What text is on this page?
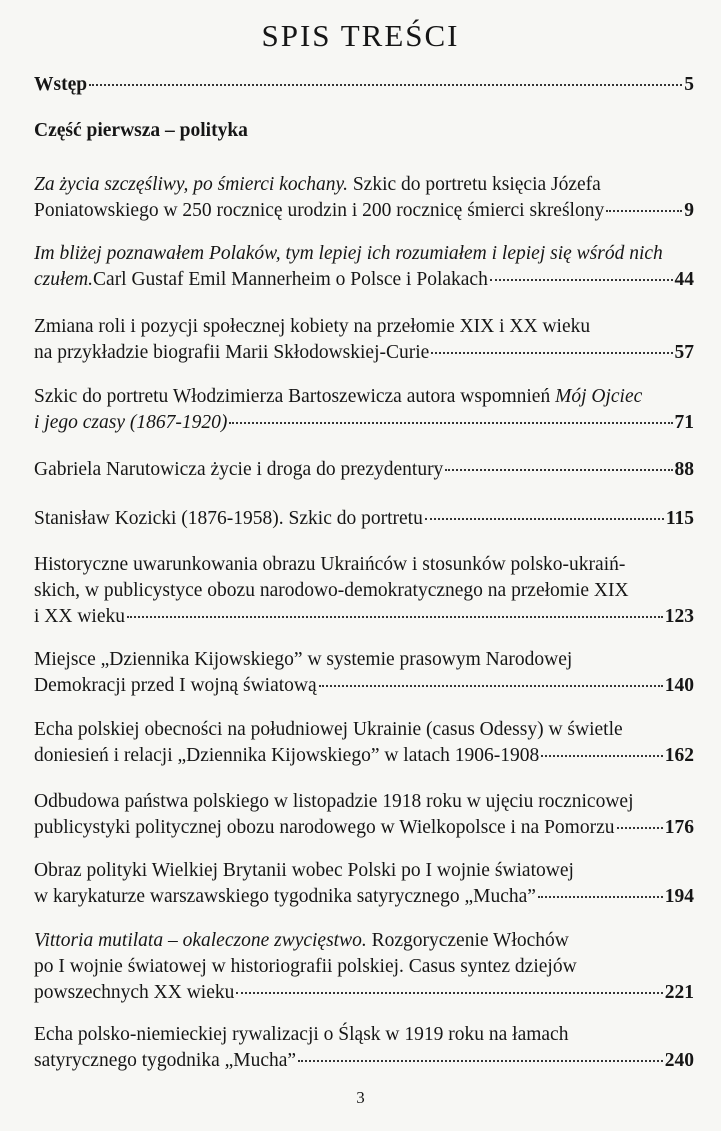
SPIS TREŚCI
Wstęp	5
Część pierwsza – polityka
Za życia szczęśliwy, po śmierci kochany. Szkic do portretu księcia Józefa
Poniatowskiego w 250 rocznicę urodzin i 200 rocznicę śmierci skreślony	9
Im bliżej poznawałem Polaków, tym lepiej ich rozumiałem i lepiej się wśród nich
czułem. Carl Gustaf Emil Mannerheim o Polsce i Polakach	44
Zmiana roli i pozycji społecznej kobiety na przełomie XIX i XX wieku
na przykładzie biografii Marii Skłodowskiej-Curie	57
Szkic do portretu Włodzimierza Bartoszewicza autora wspomnień Mój Ojciec
i jego czasy (1867-1920)	71
Gabriela Narutowicza życie i droga do prezydentury	88
Stanisław Kozicki (1876-1958). Szkic do portretu	115
Historyczne uwarunkowania obrazu Ukraińców i stosunków polsko-ukraiń-
skich, w publicystyce obozu narodowo-demokratycznego na przełomie XIX
i XX wieku	123
Miejsce „Dziennika Kijowskiego” w systemie prasowym Narodowej
Demokracji przed I wojną światową	140
Echa polskiej obecności na południowej Ukrainie (casus Odessy) w świetle
doniesień i relacji „Dziennika Kijowskiego” w latach 1906-1908	162
Odbudowa państwa polskiego w listopadzie 1918 roku w ujęciu rocznicowej
publicystyki politycznej obozu narodowego w Wielkopolsce i na Pomorzu	176
Obraz polityki Wielkiej Brytanii wobec Polski po I wojnie światowej
w karykaturze warszawskiego tygodnika satyrycznego „Mucha”	194
Vittoria mutilata – okaleczone zwycięstwo. Rozgoryczenie Włochów
po I wojnie światowej w historiografii polskiej. Casus syntez dziejów
powszechnych XX wieku	221
Echa polsko-niemieckiej rywalizacji o Śląsk w 1919 roku na łamach
satyrycznego tygodnika „Mucha”	240
3
